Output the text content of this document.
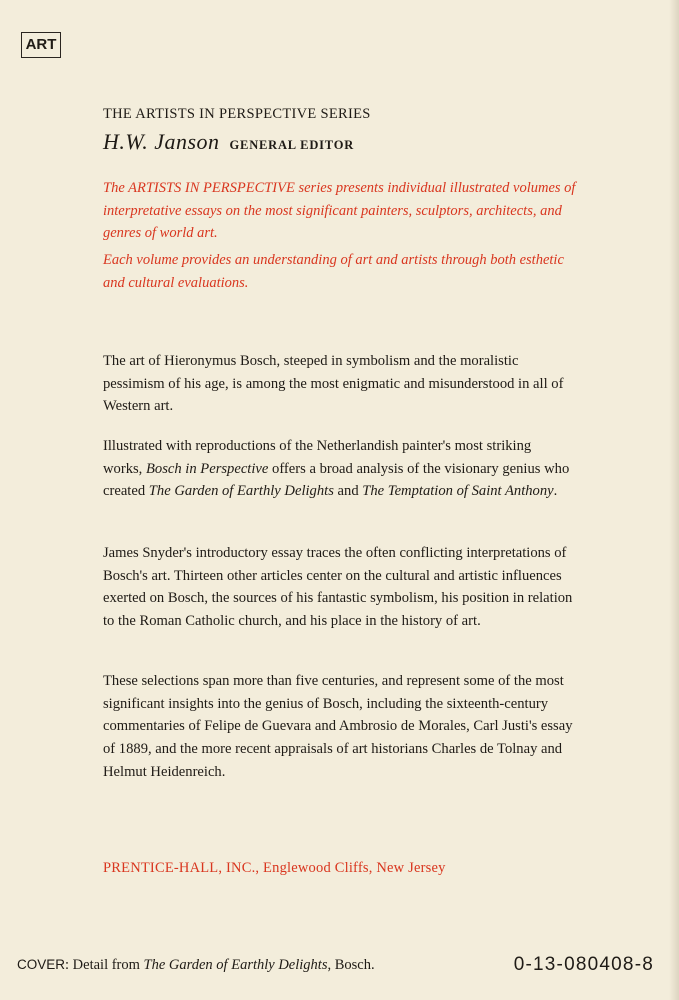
ART
THE ARTISTS IN PERSPECTIVE SERIES
H.W. Janson GENERAL EDITOR
The ARTISTS IN PERSPECTIVE series presents individual illustrated volumes of interpretative essays on the most significant painters, sculptors, architects, and genres of world art.
Each volume provides an understanding of art and artists through both esthetic and cultural evaluations.
The art of Hieronymus Bosch, steeped in symbolism and the moralistic pessimism of his age, is among the most enigmatic and misunderstood in all of Western art.
Illustrated with reproductions of the Netherlandish painter's most striking works, Bosch in Perspective offers a broad analysis of the visionary genius who created The Garden of Earthly Delights and The Temptation of Saint Anthony.
James Snyder's introductory essay traces the often conflicting interpretations of Bosch's art. Thirteen other articles center on the cultural and artistic influences exerted on Bosch, the sources of his fantastic symbolism, his position in relation to the Roman Catholic church, and his place in the history of art.
These selections span more than five centuries, and represent some of the most significant insights into the genius of Bosch, including the sixteenth-century commentaries of Felipe de Guevara and Ambrosio de Morales, Carl Justi's essay of 1889, and the more recent appraisals of art historians Charles de Tolnay and Helmut Heidenreich.
PRENTICE-HALL, INC., Englewood Cliffs, New Jersey
COVER: Detail from The Garden of Earthly Delights, Bosch.	0-13-080408-8
